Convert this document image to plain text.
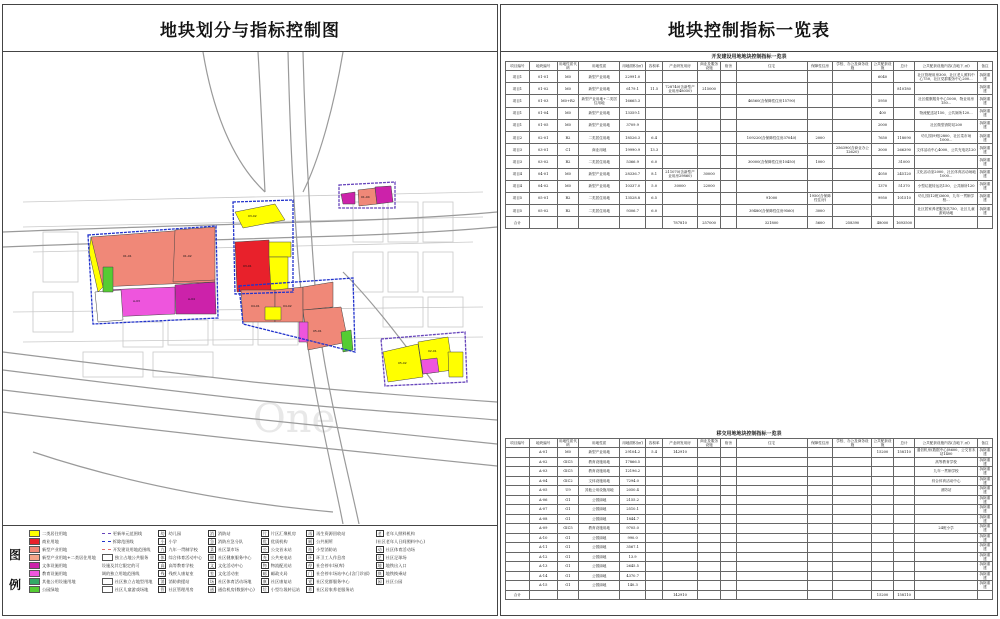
地块划分与指标控制图
One
01-01	01-02
A-03	A-04
03-01
04-01	04-02
05-01
05-02
02-01
01-04
03-02
图例
二类居住用地
商业用地
新型产业用地
新型产业用地+二类居住用地
文体设施用地
教育设施用地
其他公用设施用地
公园绿地
更新单元范围线
拆除范围线
开发建设用地范围线
独立占地公共服务
设施及其它限定的可
调的独立用地范围线
社区独立占地型用地
社区儿童游戏场地
幼 幼儿园
小 小学
九 九年一贯制学校
体 综合体育活动中心
高 高等教育学校
残 残疾人康复室
消 消防救援站
管 社区管理用房
消 消防站
急 消防应急分队
菜 社区菜市场
健 社区健康服务中心
文 文化活动中心
室 文化活动室
场 社区体育活动场地
通 通信机房(数据中心)
片 片区汇聚机房
优 优质机构
公 公交首末站
充 公共充电站
物 物流配送站
邮 邮政支局
康 社区康复站
垃 小型垃圾转运站
再 再生资源回收站
厕 公共厕所
站 小型消防站
环 环卫工人作息房
停 社会停车场(库)
门 社会停车场站中心(含门诊部)
党 社区党群服务中心
养 社区居家养老服务站
老 老年人照料机构
(社区老年人日间照料中心)
动 社区体育活动场
足 社区足球场
地 地铁出入口
换 地铁换乘站
园 社区公园
地块控制指标一览表
开发建设用地地块控制指标一览表
项目编号	地块编号	用地性质代码	用地性质	用地面积(㎡)	容积率	产业研发用房	商业及服务设施	宿舍	住宅	保障性住房	学校、办公及商务设施	公共配套设施	总计	公共配套设施内容(含地下,㎡)	备注
项目1	01-01	M0	新型产业用地	22991.0								6040		社区管理用房300、社区老人照料中心750、社区党群服务中心200...	拆除重建
项目1	01-02	M0	新型产业用地	6179.1	11.5	728740(含新型产业用房48050)	215000						810180		拆除重建
项目1	01-03	M0+R2	新型产业用地+二类居住用地	16665.3					46560(含保障性住房15790)			5950		社区健康服务中心1000、物业用房150...	拆除重建
项目1	01-04	M0	新型产业用地	13359.1								400		物流配送站150、公共厕所120...	拆除重建
项目1	01-05	M0	新型产业用地	3709.9								2000		社区微型消防站200	拆除重建
项目2	02-01	R2	二类居住用地	18526.3	6.4				109220(含保障性住房37040)	2000		7650	118090	幼儿园(9班)2800、社区菜市场1000...	拆除重建
项目3	03-01	C1	商业用地	19990.9	13.3						256390(含商业办公12620)	3000	266390	文体活动中心4000、公共充电站120	拆除重建
项目3	03-02	R2	二类居住用地	5366.9	6.0				30000(含保障性住房10450)	1000			31000		拆除重建
项目4	04-01	M0	新型产业用地	28336.7	8.1	211070(含新型产业用房29860)	30000					4050	245120	文化活动室2000、社区体育活动场地1000...	拆除重建
项目4	04-02	M0	新型产业用地	10337.0	5.0	30000	22000					1370	51370	小型垃圾转运站150、公共厕所120	拆除重建
项目5	05-01	R2	二类居住用地	13528.8	6.5				91000	1950(含保障性住房)		9950	101510	幼儿园(12班)3600、九年一贯制学校...	拆除重建
项目5	05-02	R2	二类居住用地	9306.7	6.0				39480(含保障性住房9560)	3000				社区居家养老服务站750、社区儿童游戏场地	拆除重建
合计						787810	257000		321800	5600	258390	48000	1693500		
移交用地地块控制指标一览表
项目编号	地块编号	用地性质代码	用地性质	用地面积(㎡)	容积率	产业研发用房	商业及服务设施	宿舍	住宅	保障性住房	学校、办公及商务设施	公共配套设施	总计	公共配套设施内容(含地下,㎡)	备注
	A-01	M0	新型产业用地	29104.2	5.4	142910						15200	158110	通信机房(数据中心)8600、公交首末站1400	拆除重建
	A-02	GIC5	教育设施用地	17866.5										高等教育学校	拆除重建
	A-03	GIC5	教育设施用地	12196.2										九年一贯制学校	拆除重建
	A-04	GIC2	文体设施用地	7294.0										综合体育活动中心	拆除重建
	A-05	U9	其他公用设施用地	2050.4										消防站	拆除重建
	A-06	G1	公园绿地	2155.2											拆除重建
	A-07	G1	公园绿地	2510.1											拆除重建
	A-08	G1	公园绿地	1844.7											拆除重建
	A-09	GIC5	教育设施用地	9705.0										24班小学	拆除重建
	A-10	G1	公园绿地	990.0											拆除重建
	A-11	G1	公园绿地	3567.1											拆除重建
	A-12	G1	公园绿地	13.9											拆除重建
	A-13	G1	公园绿地	2645.5											拆除重建
	A-14	G1	公园绿地	4370.7											拆除重建
	A-15	G1	公园绿地	140.3											拆除重建
合计						142910						15200	158110		
